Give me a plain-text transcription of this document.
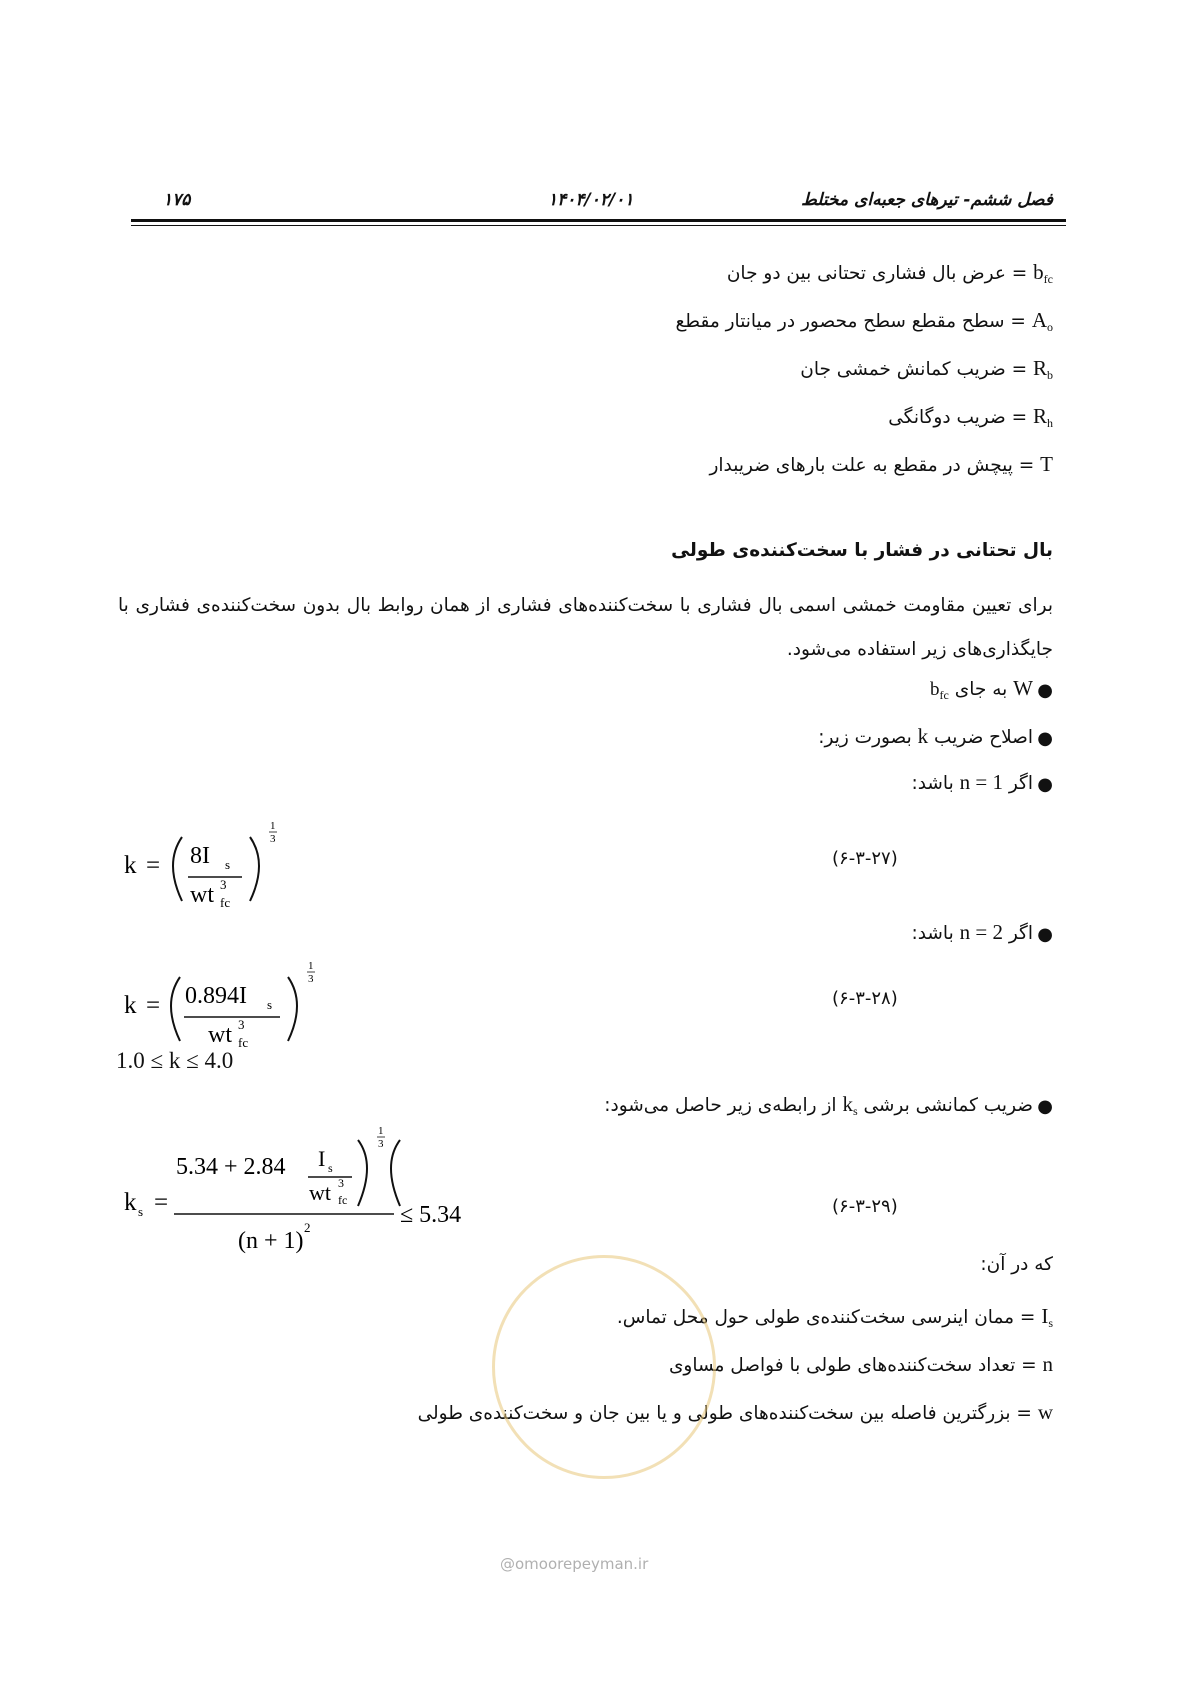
فصل ششم- تیرهای جعبه‌ای مختلط
۱۴۰۴/۰۲/۰۱
۱۷۵
$b_{fc}$ = عرض بال فشاری تحتانی بین دو جان
$A_o$ = سطح مقطع سطح محصور در میانتار مقطع
$R_b$ = ضریب کمانش خمشی جان
$R_h$ = ضریب دوگانگی
T = پیچش در مقطع به علت بارهای ضریبدار
بال تحتانی در فشار با سخت‌کننده‌ی طولی
برای تعیین مقاومت خمشی اسمی بال فشاری با سخت‌کننده‌های فشاری از همان روابط بال بدون سخت‌کننده‌ی فشاری با جایگذاری‌های زیر استفاده می‌شود.
●
W به جای $b_{fc}$
●
اصلاح ضریب k بصورت زیر:
●
اگر n = 1 باشد:
k = 8I s
wt 3
fc
1
3
(۶-۳-۲۷)
●
اگر n = 2 باشد:
k = 0.894I s
wt 3
fc
1
3
(۶-۳-۲۸)
1.0 ≤ k ≤ 4.0
●
ضریب کمانشی برشی $k_s$ از رابطه‌ی زیر حاصل می‌شود:
k s =
5.34 + 2.84 I s
wt 3
fc
1
3
(n + 1)
2	≤ 5.34	(۶-۳-۲۹)
که در آن:
$I_s$ = ممان اینرسی سخت‌کننده‌ی طولی حول محل تماس.
n = تعداد سخت‌کننده‌های طولی با فواصل مساوی
w = بزرگترین فاصله بین سخت‌کننده‌های طولی و یا بین جان و سخت‌کننده‌ی طولی
@omoorepeyman.ir
